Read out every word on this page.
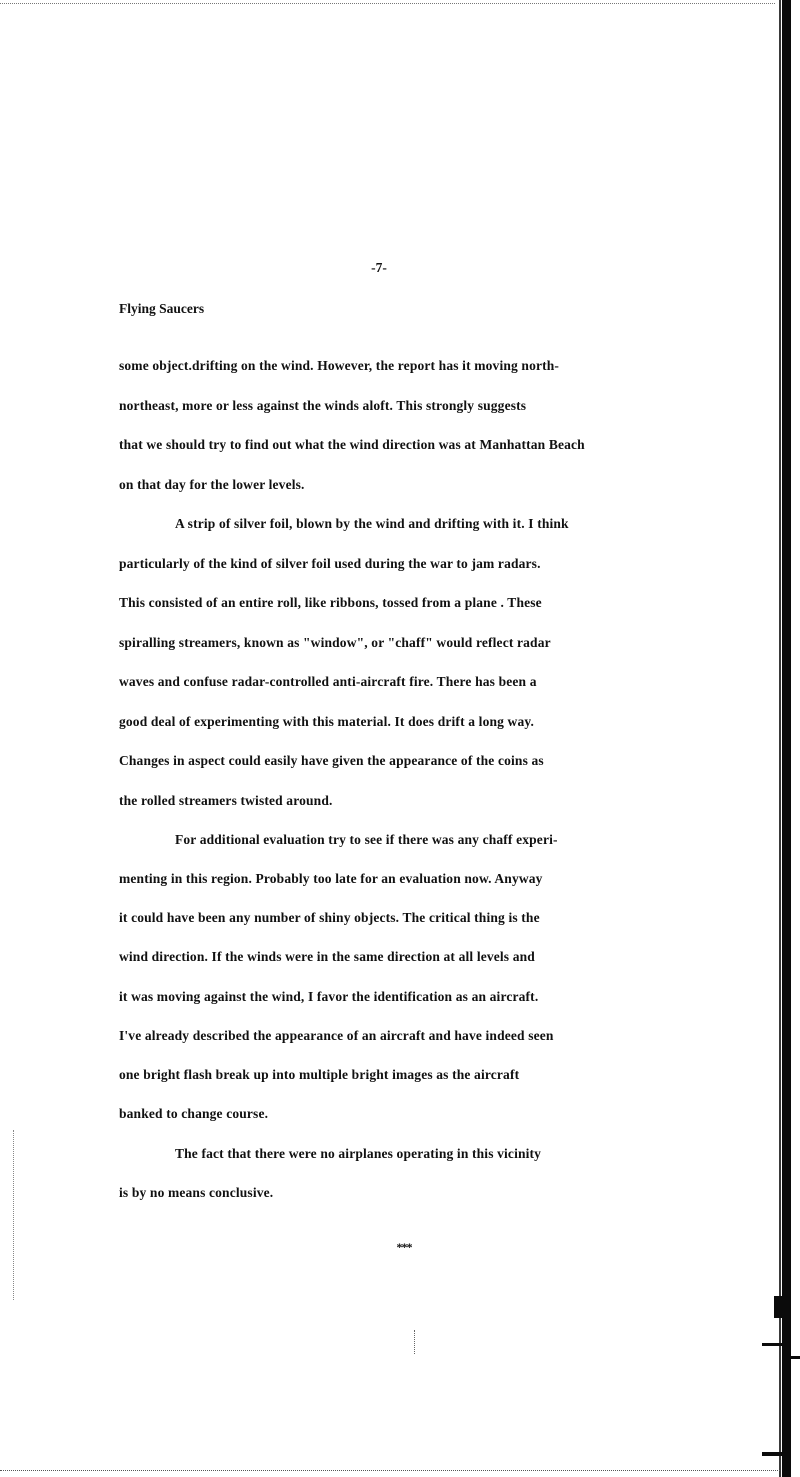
-7-
Flying Saucers
some object.drifting on the wind. However, the report has it moving north-
northeast, more or less against the winds aloft. This strongly suggests
that we should try to find out what the wind direction was at Manhattan Beach
on that day for the lower levels.
A strip of silver foil, blown by the wind and drifting with it. I think
particularly of the kind of silver foil used during the war to jam radars.
This consisted of an entire roll, like ribbons, tossed from a plane . These
spiralling streamers, known as "window", or "chaff" would reflect radar
waves and confuse radar-controlled anti-aircraft fire. There has been a
good deal of experimenting with this material. It does drift a long way.
Changes in aspect could easily have given the appearance of the coins as
the rolled streamers twisted around.
For additional evaluation try to see if there was any chaff experi-
menting in this region. Probably too late for an evaluation now. Anyway
it could have been any number of shiny objects. The critical thing is the
wind direction. If the winds were in the same direction at all levels and
it was moving against the wind, I favor the identification as an aircraft.
I've already described the appearance of an aircraft and have indeed seen
one bright flash break up into multiple bright images as the aircraft
banked to change course.
The fact that there were no airplanes operating in this vicinity
is by no means conclusive.
***
